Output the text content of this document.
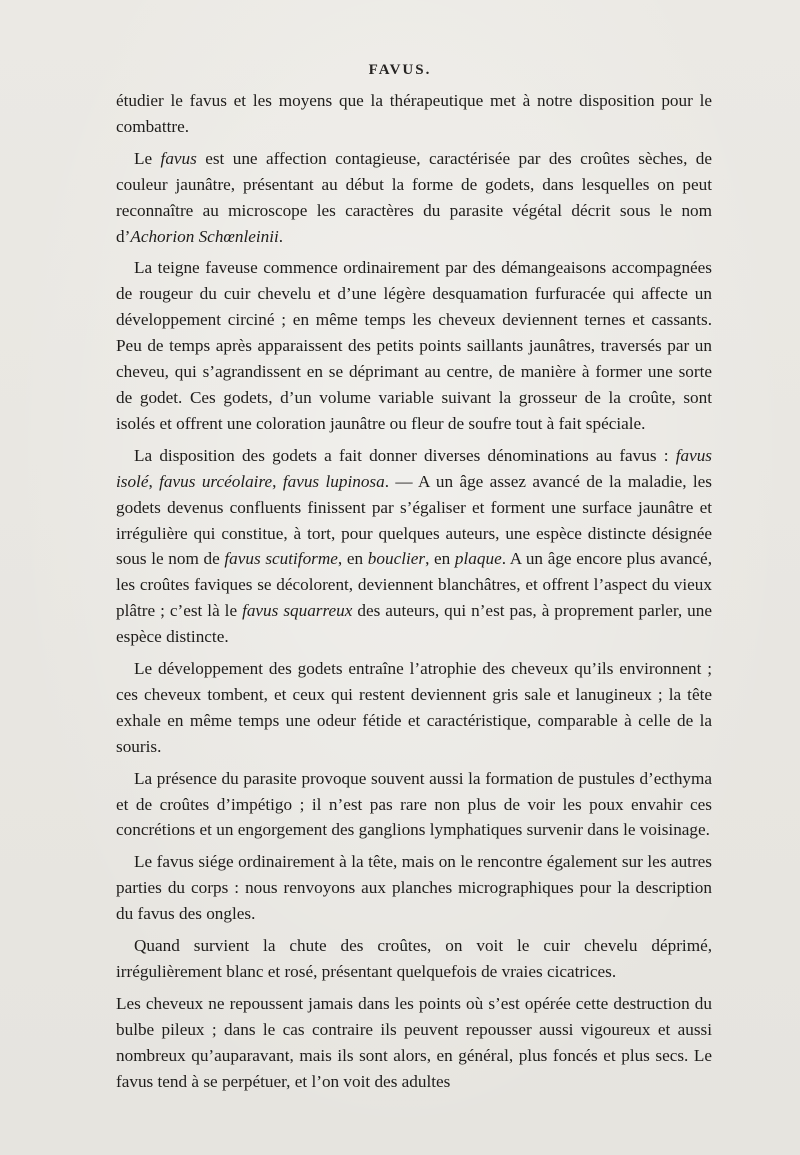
FAVUS.

étudier le favus et les moyens que la thérapeutique met à notre disposition pour le combattre.

Le favus est une affection contagieuse, caractérisée par des croûtes sèches, de couleur jaunâtre, présentant au début la forme de godets, dans lesquelles on peut reconnaître au microscope les caractères du parasite végétal décrit sous le nom d’Achorion Schœnleinii.

La teigne faveuse commence ordinairement par des démangeaisons accompagnées de rougeur du cuir chevelu et d’une légère desquamation furfuracée qui affecte un développement circiné ; en même temps les cheveux deviennent ternes et cassants. Peu de temps après apparaissent des petits points saillants jaunâtres, traversés par un cheveu, qui s’agrandissent en se déprimant au centre, de manière à former une sorte de godet. Ces godets, d’un volume variable suivant la grosseur de la croûte, sont isolés et offrent une coloration jaunâtre ou fleur de soufre tout à fait spéciale.

La disposition des godets a fait donner diverses dénominations au favus : favus isolé, favus urcéolaire, favus lupinosa. — A un âge assez avancé de la maladie, les godets devenus confluents finissent par s’égaliser et forment une surface jaunâtre et irrégulière qui constitue, à tort, pour quelques auteurs, une espèce distincte désignée sous le nom de favus scutiforme, en bouclier, en plaque. A un âge encore plus avancé, les croûtes faviques se décolorent, deviennent blanchâtres, et offrent l’aspect du vieux plâtre ; c’est là le favus squarreux des auteurs, qui n’est pas, à proprement parler, une espèce distincte.

Le développement des godets entraîne l’atrophie des cheveux qu’ils environnent ; ces cheveux tombent, et ceux qui restent deviennent gris sale et lanugineux ; la tête exhale en même temps une odeur fétide et caractéristique, comparable à celle de la souris.

La présence du parasite provoque souvent aussi la formation de pustules d’ecthyma et de croûtes d’impétigo ; il n’est pas rare non plus de voir les poux envahir ces concrétions et un engorgement des ganglions lymphatiques survenir dans le voisinage.

Le favus siége ordinairement à la tête, mais on le rencontre également sur les autres parties du corps : nous renvoyons aux planches micrographiques pour la description du favus des ongles.

Quand survient la chute des croûtes, on voit le cuir chevelu déprimé, irrégulièrement blanc et rosé, présentant quelquefois de vraies cicatrices.

Les cheveux ne repoussent jamais dans les points où s’est opérée cette destruction du bulbe pileux ; dans le cas contraire ils peuvent repousser aussi vigoureux et aussi nombreux qu’auparavant, mais ils sont alors, en général, plus foncés et plus secs. Le favus tend à se perpétuer, et l’on voit des adultes
